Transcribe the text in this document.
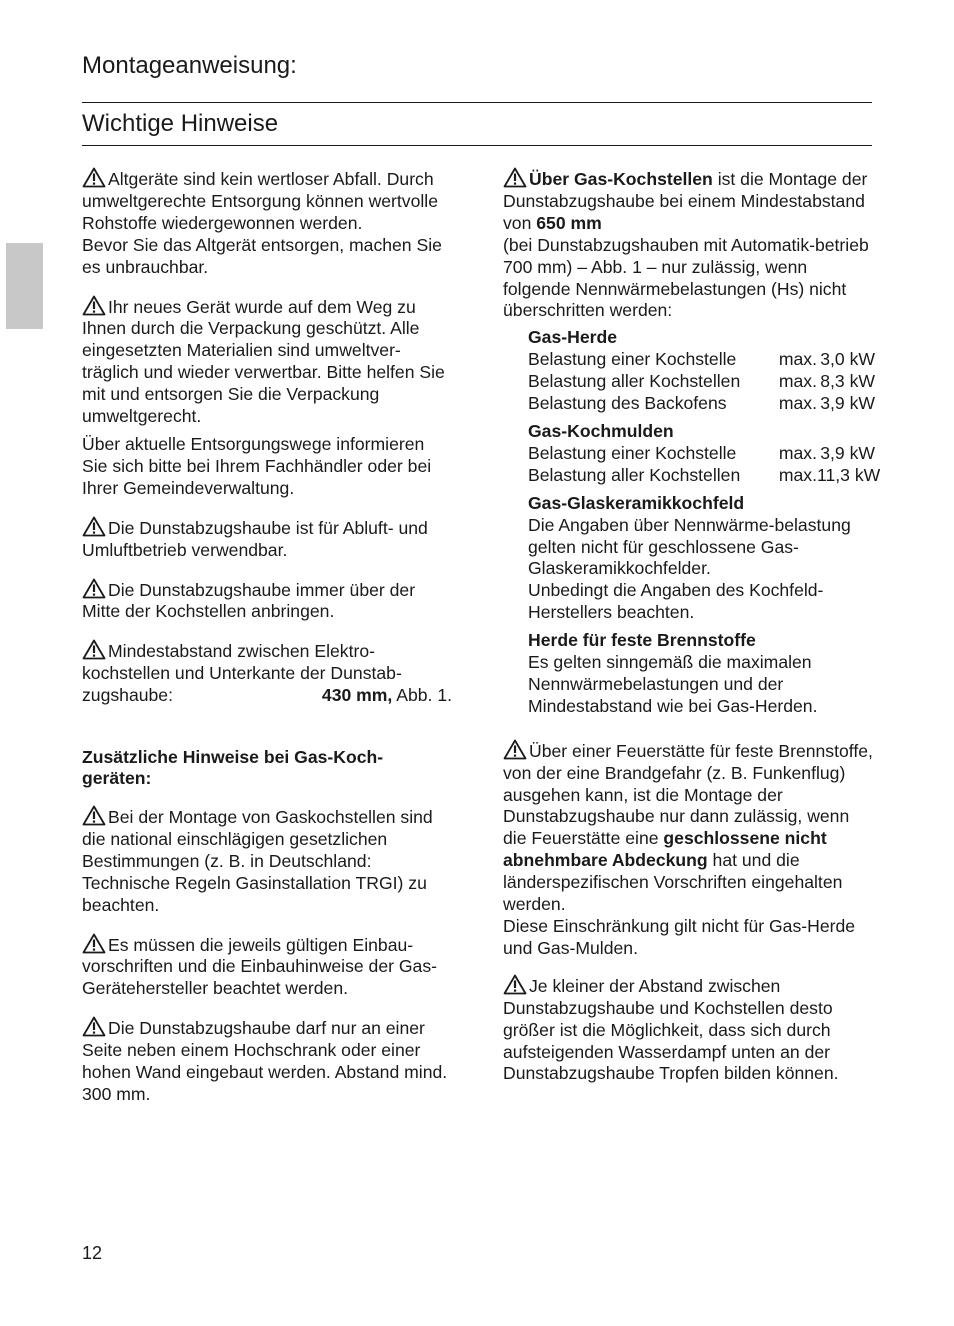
Montageanweisung:
Wichtige Hinweise

Altgeräte sind kein wertloser Abfall. Durch umweltgerechte Entsorgung können wertvolle Rohstoffe wiedergewonnen werden.

Bevor Sie das Altgerät entsorgen, machen Sie es unbrauchbar.

Ihr neues Gerät wurde auf dem Weg zu Ihnen durch die Verpackung geschützt. Alle eingesetzten Materialien sind umweltver-träglich und wieder verwertbar. Bitte helfen Sie mit und entsorgen Sie die Verpackung umweltgerecht.

Über aktuelle Entsorgungswege informieren Sie sich bitte bei Ihrem Fachhändler oder bei Ihrer Gemeindeverwaltung.

Die Dunstabzugshaube ist für Abluft- und Umluftbetrieb verwendbar.

Die Dunstabzugshaube immer über der Mitte der Kochstellen anbringen.

Mindestabstand zwischen Elektro-kochstellen und Unterkante der Dunstab-

zugshaube:	430 mm, Abb. 1.

Zusätzliche Hinweise bei Gas-Koch-geräten:

Bei der Montage von Gaskochstellen sind die national einschlägigen gesetzlichen Bestimmungen (z. B. in Deutschland: Technische Regeln Gasinstallation TRGI) zu beachten.

Es müssen die jeweils gültigen Einbau-vorschriften und die Einbauhinweise der Gas-Gerätehersteller beachtet werden.

Die Dunstabzugshaube darf nur an einer Seite neben einem Hochschrank oder einer hohen Wand eingebaut werden. Abstand mind. 300 mm.

Über Gas-Kochstellen ist die Montage der Dunstabzugshaube bei einem Mindestabstand von 650 mm

(bei Dunstabzugshauben mit Automatik-betrieb 700 mm) – Abb. 1 – nur zulässig, wenn folgende Nennwärmebelastungen (Hs) nicht überschritten werden:

Gas-Herde

Belastung einer Kochstelle	max. 3,0 kW
Belastung aller Kochstellen	max. 8,3 kW
Belastung des Backofens	max. 3,9 kW

Gas-Kochmulden

Belastung einer Kochstelle	max. 3,9 kW
Belastung aller Kochstellen	max. 11,3 kW

Gas-Glaskeramikkochfeld

Die Angaben über Nennwärme-belastung gelten nicht für geschlossene Gas-Glaskeramikkochfelder.

Unbedingt die Angaben des Kochfeld-Herstellers beachten.

Herde für feste Brennstoffe

Es gelten sinngemäß die maximalen Nennwärmebelastungen und der Mindestabstand wie bei Gas-Herden.

Über einer Feuerstätte für feste Brennstoffe, von der eine Brandgefahr (z. B. Funkenflug) ausgehen kann, ist die Montage der Dunstabzugshaube nur dann zulässig, wenn die Feuerstätte eine geschlossene nicht abnehmbare Abdeckung hat und die länderspezifischen Vorschriften eingehalten werden.

Diese Einschränkung gilt nicht für Gas-Herde und Gas-Mulden.

Je kleiner der Abstand zwischen Dunstabzugshaube und Kochstellen desto größer ist die Möglichkeit, dass sich durch aufsteigenden Wasserdampf unten an der Dunstabzugshaube Tropfen bilden können.

12
